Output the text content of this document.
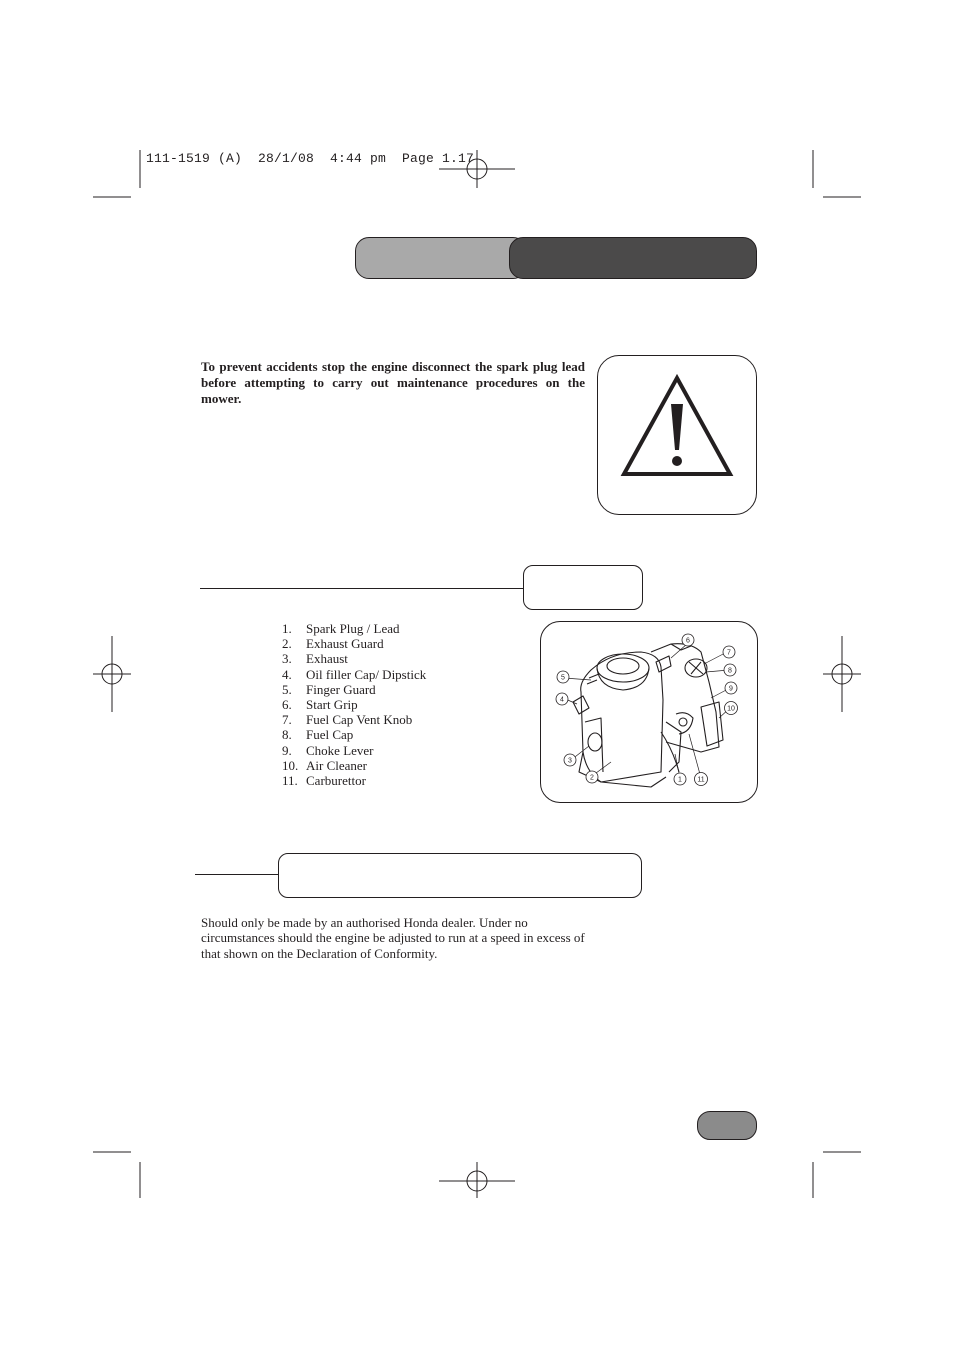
111-1519 (A)  28/1/08  4:44 pm  Page 1.17
To prevent accidents stop the engine disconnect the spark plug lead before attempting to carry out maintenance procedures on the mower.
1.	Spark Plug / Lead
2.	Exhaust Guard
3.	Exhaust
4.	Oil filler Cap/ Dipstick
5.	Finger Guard
6.	Start Grip
7.	Fuel Cap Vent Knob
8.	Fuel Cap
9.	Choke Lever
10. Air Cleaner
11. Carburettor
6
7
8
9
10
5
4
3
2	1 11
Should only be made by an authorised Honda dealer. Under no circumstances should the engine be adjusted to run at a speed in excess of that shown on the Declaration of Conformity.
